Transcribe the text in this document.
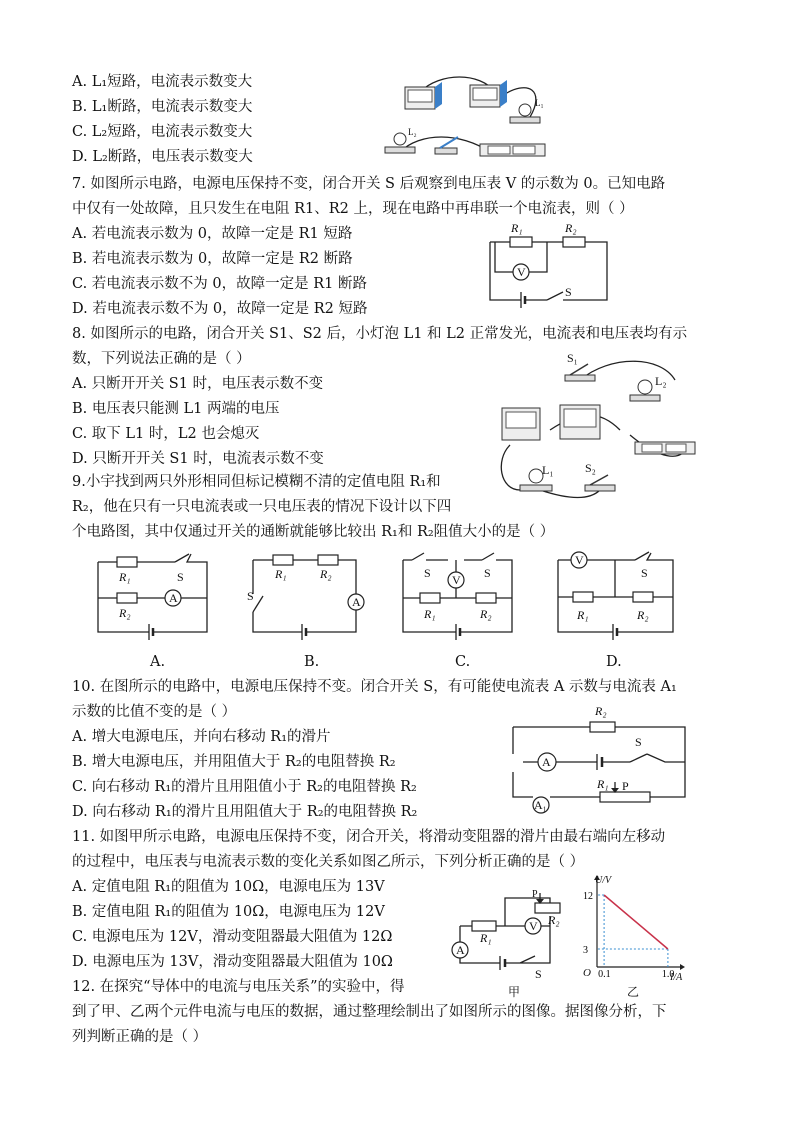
A. L₁短路，电流表示数变大
B. L₁断路，电流表示数变大
C. L₂短路，电流表示数变大
D. L₂断路，电压表示数变大
L₁
L₂
7. 如图所示电路，电源电压保持不变，闭合开关 S 后观察到电压表 V 的示数为 0。已知电路
中仅有一处故障，且只发生在电阻 R1、R2 上，现在电路中再串联一个电流表，则（ ）
A. 若电流表示数为 0，故障一定是 R1 短路
B. 若电流表示数为 0，故障一定是 R2 断路
C. 若电流表示数不为 0，故障一定是 R1 断路
D. 若电流表示数不为 0，故障一定是 R2 短路
R₁	R₂
V
S
8. 如图所示的电路，闭合开关 S1、S2 后，小灯泡 L1 和 L2 正常发光，电流表和电压表均有示
数，下列说法正确的是（ ）
A. 只断开开关 S1 时，电压表示数不变
B. 电压表只能测 L1 两端的电压
C. 取下 L1 时，L2 也会熄灭
D. 只断开开关 S1 时，电流表示数不变
S₁
L₂
L₁	S₂
9.小宇找到两只外形相同但标记模糊不清的定值电阻 R₁和
R₂，他在只有一只电流表或一只电压表的情况下设计以下四
个电路图，其中仅通过开关的通断就能够比较出 R₁和 R₂阻值大小的是（ ）
A
R₁
R₂
S
A.
A
R₁	R₂
S
B.
V
S	S
R₁	R₂
C.
V
S
R₁	R₂
D.
10. 在图所示的电路中，电源电压保持不变。闭合开关 S，有可能使电流表 A 示数与电流表 A₁
示数的比值不变的是（ ）
A. 增大电源电压，并向右移动 R₁的滑片
B. 增大电源电压，并用阻值大于 R₂的电阻替换 R₂
C. 向右移动 R₁的滑片且用阻值小于 R₂的电阻替换 R₂
D. 向右移动 R₁的滑片且用阻值大于 R₂的电阻替换 R₂
R₂
A
S
A₁
R₁ P
11. 如图甲所示电路，电源电压保持不变，闭合开关，将滑动变阻器的滑片由最右端向左移动
的过程中，电压表与电流表示数的变化关系如图乙所示，下列分析正确的是（ ）
A. 定值电阻 R₁的阻值为 10Ω，电源电压为 13V
B. 定值电阻 R₁的阻值为 10Ω，电源电压为 12V
C. 电源电压为 12V，滑动变阻器最大阻值为 12Ω
D. 电源电压为 13V，滑动变阻器最大阻值为 10Ω
R₁
R₂
P
V
A
S
甲
U/V
I/A
O 0.1	1.0
12
3
乙
12. 在探究“导体中的电流与电压关系”的实验中，得
到了甲、乙两个元件电流与电压的数据，通过整理绘制出了如图所示的图像。据图像分析，下
列判断正确的是（ ）
